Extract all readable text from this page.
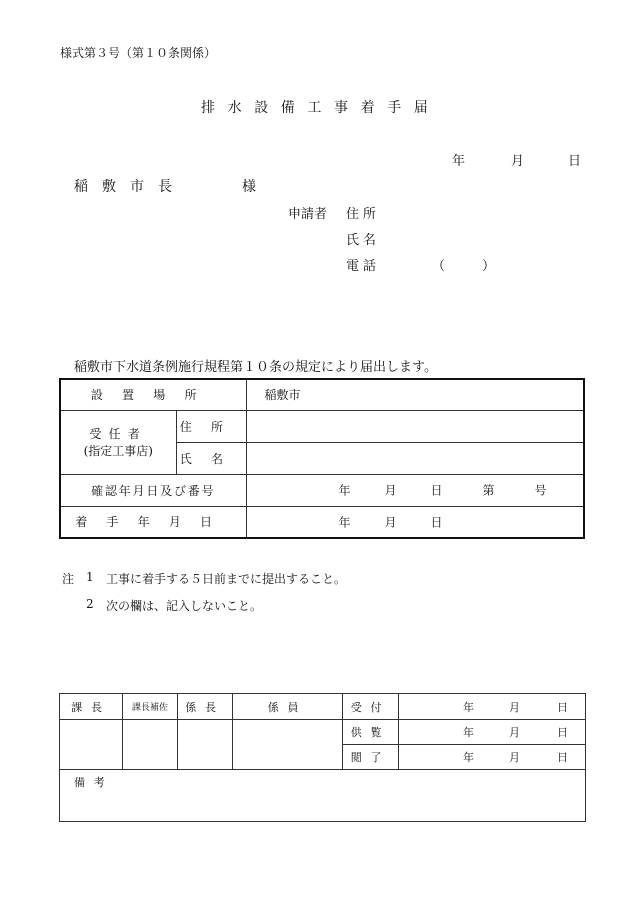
様式第３号（第１０条関係）
排水設備工事着手届
年	月	日
稲敷市長　　様
申請者 住所
氏名
電話	（	）
稲敷市下水道条例施行規程第１０条の規定により届出します。
設置場所		稲敷市

受任者
(指定工事店)	住所	
	氏名	
確認年月日及び番号		年 月 日 第 号

着手年月日		年 月 日
注 1 工事に着手する５日前までに提出すること。
2 次の欄は、記入しないこと。
課長	課長補佐	係長	係員	受付	年 月 日

				供覧	年 月 日

				閲了	年 月 日

備考					
